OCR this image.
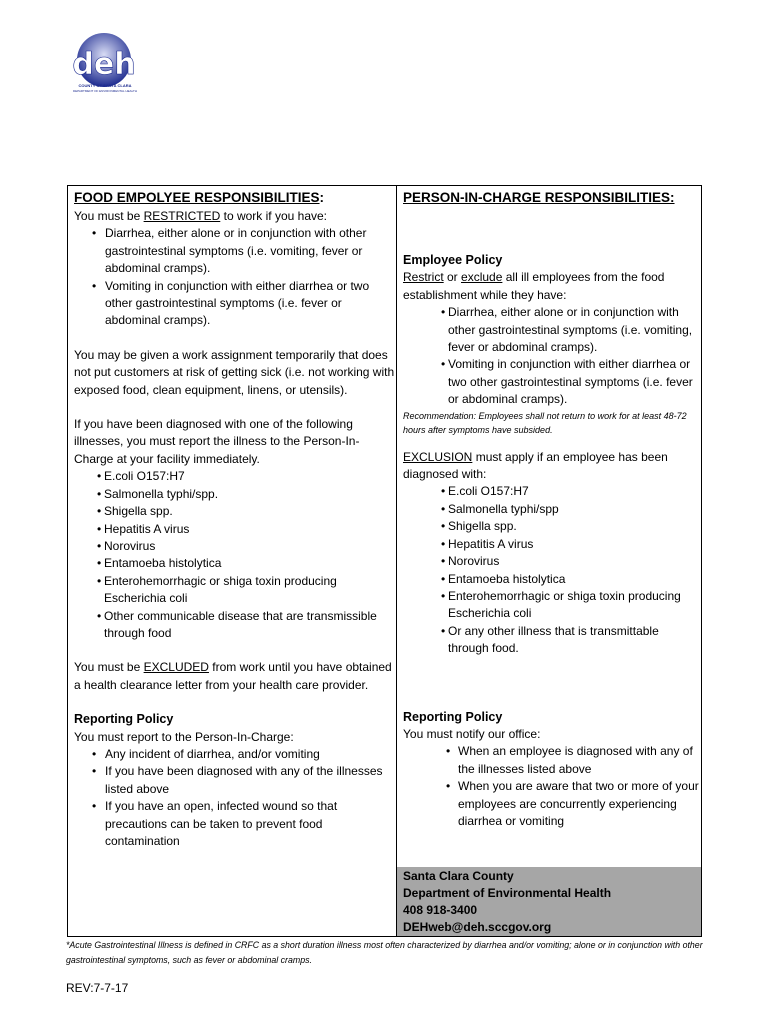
deh
COUNTY OF SANTA CLARA
DEPARTMENT OF ENVIRONMENTAL HEALTH
FOOD EMPOLYEE RESPONSIBILITIES:

You must be RESTRICTED to work if you have:

• Diarrhea, either alone or in conjunction with other gastrointestinal symptoms (i.e. vomiting, fever or abdominal cramps).
• Vomiting in conjunction with either diarrhea or two other gastrointestinal symptoms (i.e. fever or abdominal cramps).

You may be given a work assignment temporarily that does not put customers at risk of getting sick (i.e. not working with exposed food, clean equipment, linens, or utensils).

If you have been diagnosed with one of the following illnesses, you must report the illness to the Person-In-Charge at your facility immediately.

• E.coli O157:H7
• Salmonella typhi/spp.
• Shigella spp.
• Hepatitis A virus
• Norovirus
• Entamoeba histolytica
• Enterohemorrhagic or shiga toxin producing Escherichia coli
• Other communicable disease that are transmissible through food

You must be EXCLUDED from work until you have obtained a health clearance letter from your health care provider.

Reporting Policy

You must report to the Person-In-Charge:

• Any incident of diarrhea, and/or vomiting
• If you have been diagnosed with any of the illnesses listed above
• If you have an open, infected wound so that precautions can be taken to prevent food contamination

PERSON-IN-CHARGE RESPONSIBILITIES:

Employee Policy

Restrict or exclude all ill employees from the food establishment while they have:

• Diarrhea, either alone or in conjunction with other gastrointestinal symptoms (i.e. vomiting, fever or abdominal cramps).
• Vomiting in conjunction with either diarrhea or two other gastrointestinal symptoms (i.e. fever or abdominal cramps).

Recommendation: Employees shall not return to work for at least 48-72 hours after symptoms have subsided.

EXCLUSION must apply if an employee has been diagnosed with:

• E.coli O157:H7
• Salmonella typhi/spp
• Shigella spp.
• Hepatitis A virus
• Norovirus
• Entamoeba histolytica
• Enterohemorrhagic or shiga toxin producing Escherichia coli
• Or any other illness that is transmittable through food.

Reporting Policy

You must notify our office:

• When an employee is diagnosed with any of the illnesses listed above
• When you are aware that two or more of your employees are concurrently experiencing diarrhea or vomiting
Santa Clara County
Department of Environmental Health
408 918-3400
DEHweb@deh.sccgov.org
*Acute Gastrointestinal Illness is defined in CRFC as a short duration illness most often characterized by diarrhea and/or vomiting; alone or in conjunction with other gastrointestinal symptoms, such as fever or abdominal cramps.
REV:7-7-17
